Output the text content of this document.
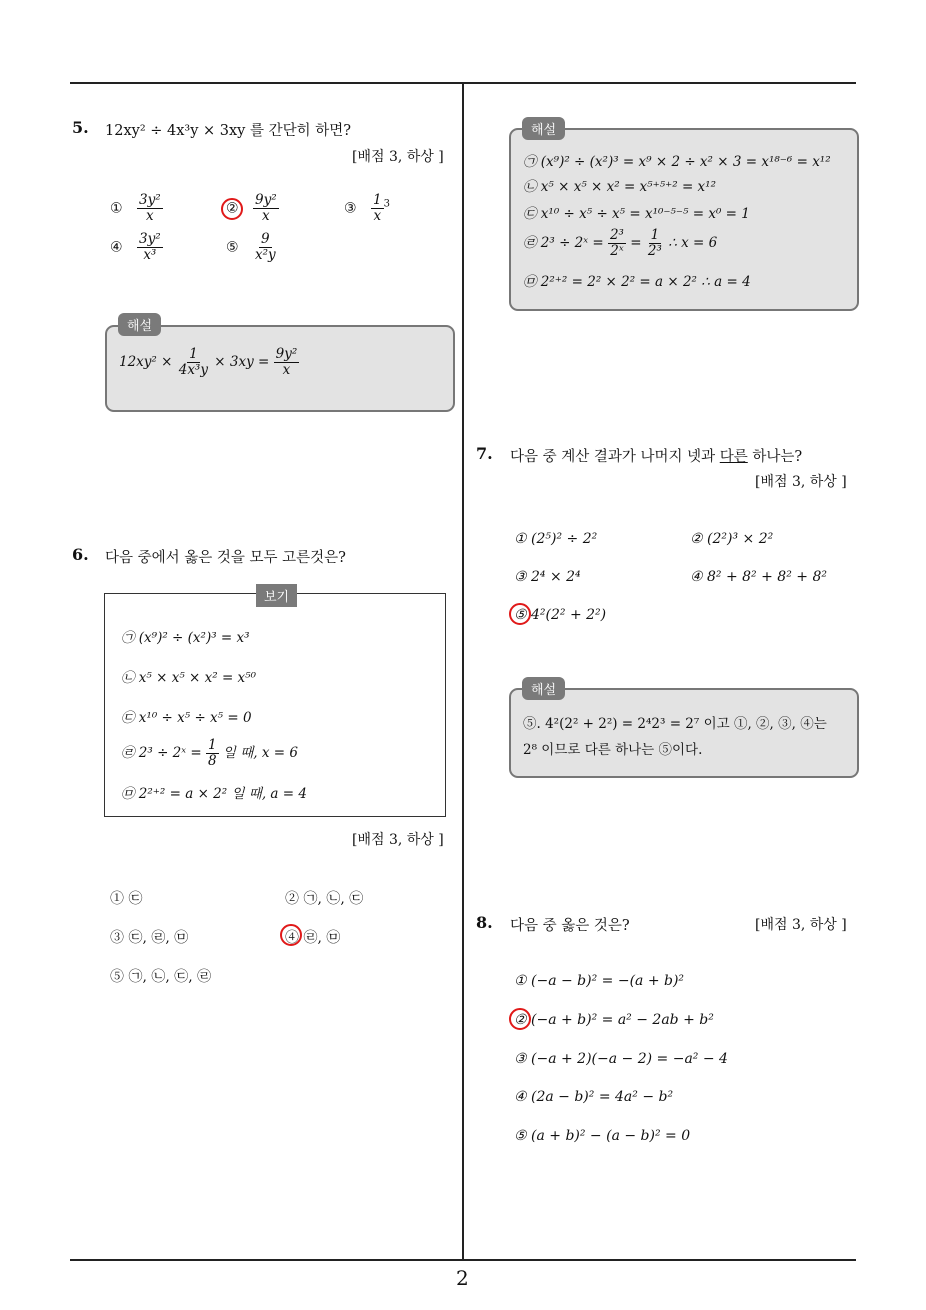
2
5. 12xy² ÷ 4x³y × 3xy 를 간단히 하면?
[배점 3, 하상 ]
① $\frac{\text{3y²}}{x}$	② $\frac{\text{9y²}}{x}$	③ $\frac{1}{x} ^3$
④ $\frac{\text{3y²}}{\text{x³}}$	⑤ $\frac{9}{\text{x²y}}$
$12xy^2 \times \frac{1}{\text{4x³y}} \times 3xy = \frac{\text{9y²}}{x}$
해설
6. 다음 중에서 옳은 것을 모두 고른것은?
㉠ (x⁹)² ÷ (x²)³ = x³
㉡ x⁵ × x⁵ × x² = x⁵⁰
㉢ x¹⁰ ÷ x⁵ ÷ x⁵ = 0
㉣ 2³ ÷ 2ˣ = $\frac{1}{8}$ 일 때, x = 6
㉤ 2²⁺² = a × 2² 일 때, a = 4
보기
[배점 3, 하상 ]
① ㉢	② ㉠, ㉡, ㉢
③ ㉢, ㉣, ㉤	④ ㉣, ㉤
⑤ ㉠, ㉡, ㉢, ㉣
㉠ (x⁹)² ÷ (x²)³ = x⁹ × 2 ÷ x² × 3 = x¹⁸⁻⁶ = x¹²
㉡ x⁵ × x⁵ × x² = x⁵⁺⁵⁺² = x¹²
㉢ x¹⁰ ÷ x⁵ ÷ x⁵ = x¹⁰⁻⁵⁻⁵ = x⁰ = 1
㉣ 2³ ÷ 2ˣ = $\frac{\text{2³}}{\text{2ˣ}} = \frac{1}{\text{2³}}$ ∴ x = 6
㉤ 2²⁺² = 2² × 2² = a × 2² ∴ a = 4
해설
7. 다음 중 계산 결과가 나머지 넷과 다른 하나는?
[배점 3, 하상 ]
① (2⁵)² ÷ 2²	② (2²)³ × 2²
③ 2⁴ × 2⁴	④ 8² + 8² + 8² + 8²
⑤ 4²(2² + 2²)
⑤. 4²(2² + 2²) = 2⁴2³ = 2⁷ 이고 ①, ②, ③, ④는
2⁸ 이므로 다른 하나는 ⑤이다.
해설
8. 다음 중 옳은 것은?	[배점 3, 하상 ]
① (−a − b)² = −(a + b)²
② (−a + b)² = a² − 2ab + b²
③ (−a + 2)(−a − 2) = −a² − 4
④ (2a − b)² = 4a² − b²
⑤ (a + b)² − (a − b)² = 0
